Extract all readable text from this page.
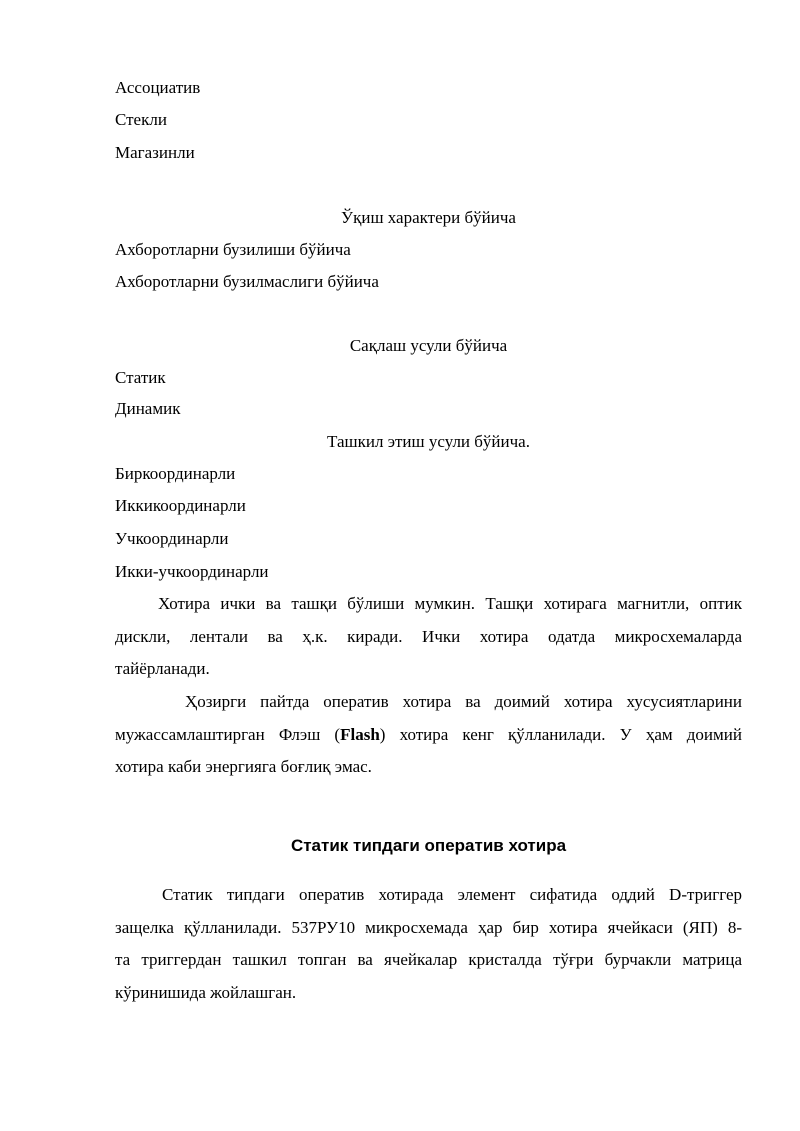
Ассоциатив
Стекли
Магазинли
Ўқиш характери бўйича
Ахборотларни бузилиши бўйича
Ахборотларни бузилмаслиги бўйича
Сақлаш усули бўйича
Статик
Динамик
Ташкил этиш усули бўйича.
Биркоординарли
Иккикоординарли
Учкоординарли
Икки-учкоординарли
Хотира ички ва ташқи бўлиши мумкин. Ташқи хотирага магнитли, оптик
дискли, лентали ва ҳ.к. киради. Ички хотира одатда микросхемаларда
тайёрланади.
Ҳозирги пайтда оператив хотира ва доимий хотира хусусиятларини
мужассамлаштирган Флэш (Flash) хотира кенг қўлланилади. У ҳам доимий
хотира каби энергияга боғлиқ эмас.
Статик типдаги оператив хотира
Статик типдаги оператив хотирада элемент сифатида оддий D-триггер
защелка қўлланилади. 537РУ10 микросхемада ҳар бир хотира ячейкаси (ЯП) 8-
та триггердан ташкил топган ва ячейкалар кристалда тўғри бурчакли матрица
кўринишида жойлашган.
